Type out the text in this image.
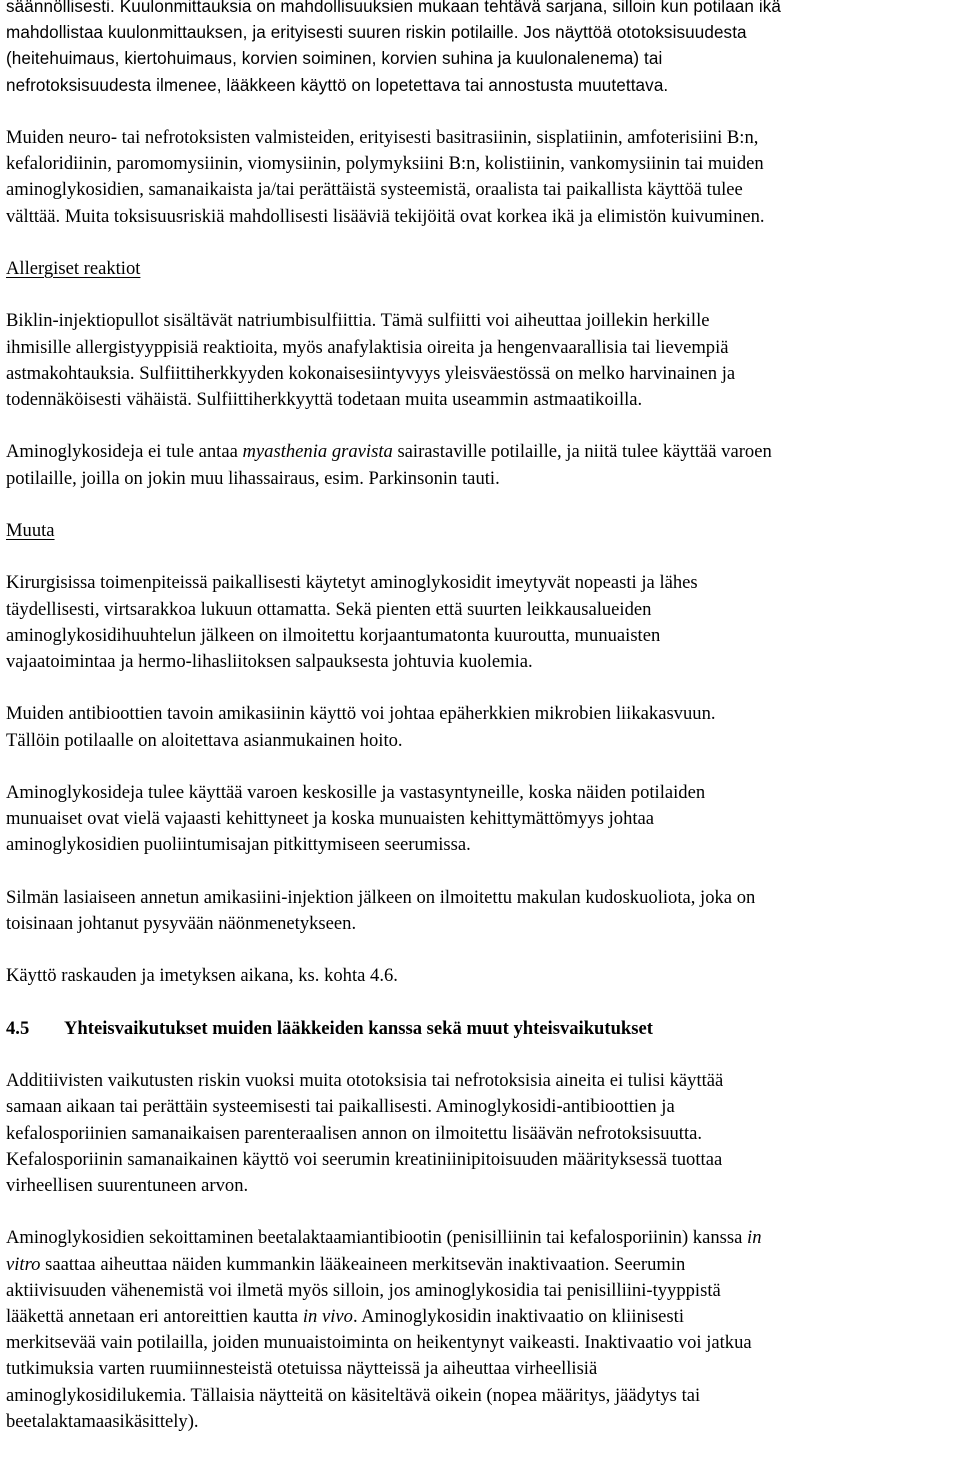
säännöllisesti. Kuulonmittauksia on mahdollisuuksien mukaan tehtävä sarjana, silloin kun potilaan ikä
mahdollistaa kuulonmittauksen, ja erityisesti suuren riskin potilaille. Jos näyttöä ototoksisuudesta
(heitehuimaus, kiertohuimaus, korvien soiminen, korvien suhina ja kuulonalenema) tai
nefrotoksisuudesta ilmenee, lääkkeen käyttö on lopetettava tai annostusta muutettava.

Muiden neuro- tai nefrotoksisten valmisteiden, erityisesti basitrasiinin, sisplatiinin, amfoterisiini B:n,
kefaloridiinin, paromomysiinin, viomysiinin, polymyksiini B:n, kolistiinin, vankomysiinin tai muiden
aminoglykosidien, samanaikaista ja/tai perättäistä systeemistä, oraalista tai paikallista käyttöä tulee
välttää. Muita toksisuusriskiä mahdollisesti lisääviä tekijöitä ovat korkea ikä ja elimistön kuivuminen.

Allergiset reaktiot

Biklin-injektiopullot sisältävät natriumbisulfiittia. Tämä sulfiitti voi aiheuttaa joillekin herkille
ihmisille allergistyyppisiä reaktioita, myös anafylaktisia oireita ja hengenvaarallisia tai lievempiä
astmakohtauksia. Sulfiittiherkkyyden kokonaisesiintyvyys yleisväestössä on melko harvinainen ja
todennäköisesti vähäistä. Sulfiittiherkkyyttä todetaan muita useammin astmaatikoilla.

Aminoglykosideja ei tule antaa myasthenia gravista sairastaville potilaille, ja niitä tulee käyttää varoen
potilaille, joilla on jokin muu lihassairaus, esim. Parkinsonin tauti.

Muuta

Kirurgisissa toimenpiteissä paikallisesti käytetyt aminoglykosidit imeytyvät nopeasti ja lähes
täydellisesti, virtsarakkoa lukuun ottamatta. Sekä pienten että suurten leikkausalueiden
aminoglykosidihuuhtelun jälkeen on ilmoitettu korjaantumatonta kuuroutta, munuaisten
vajaatoimintaa ja hermo-lihasliitoksen salpauksesta johtuvia kuolemia.

Muiden antibioottien tavoin amikasiinin käyttö voi johtaa epäherkkien mikrobien liikakasvuun.
Tällöin potilaalle on aloitettava asianmukainen hoito.

Aminoglykosideja tulee käyttää varoen keskosille ja vastasyntyneille, koska näiden potilaiden
munuaiset ovat vielä vajaasti kehittyneet ja koska munuaisten kehittymättömyys johtaa
aminoglykosidien puoliintumisajan pitkittymiseen seerumissa.

Silmän lasiaiseen annetun amikasiini-injektion jälkeen on ilmoitettu makulan kudoskuoliota, joka on
toisinaan johtanut pysyvään näönmenetykseen.

Käyttö raskauden ja imetyksen aikana, ks. kohta 4.6.

4.5	Yhteisvaikutukset muiden lääkkeiden kanssa sekä muut yhteisvaikutukset

Additiivisten vaikutusten riskin vuoksi muita ototoksisia tai nefrotoksisia aineita ei tulisi käyttää
samaan aikaan tai perättäin systeemisesti tai paikallisesti. Aminoglykosidi-antibioottien ja
kefalosporiinien samanaikaisen parenteraalisen annon on ilmoitettu lisäävän nefrotoksisuutta.
Kefalosporiinin samanaikainen käyttö voi seerumin kreatiniinipitoisuuden määrityksessä tuottaa
virheellisen suurentuneen arvon.

Aminoglykosidien sekoittaminen beetalaktaamiantibiootin (penisilliinin tai kefalosporiinin) kanssa in
vitro saattaa aiheuttaa näiden kummankin lääkeaineen merkitsevän inaktivaation. Seerumin
aktiivisuuden vähenemistä voi ilmetä myös silloin, jos aminoglykosidia tai penisilliini-tyyppistä
lääkettä annetaan eri antoreittien kautta in vivo. Aminoglykosidin inaktivaatio on kliinisesti
merkitsevää vain potilailla, joiden munuaistoiminta on heikentynyt vaikeasti. Inaktivaatio voi jatkua
tutkimuksia varten ruumiinnesteistä otetuissa näytteissä ja aiheuttaa virheellisiä
aminoglykosidilukemia. Tällaisia näytteitä on käsiteltävä oikein (nopea määritys, jäädytys tai
beetalaktamaasikäsittely).
